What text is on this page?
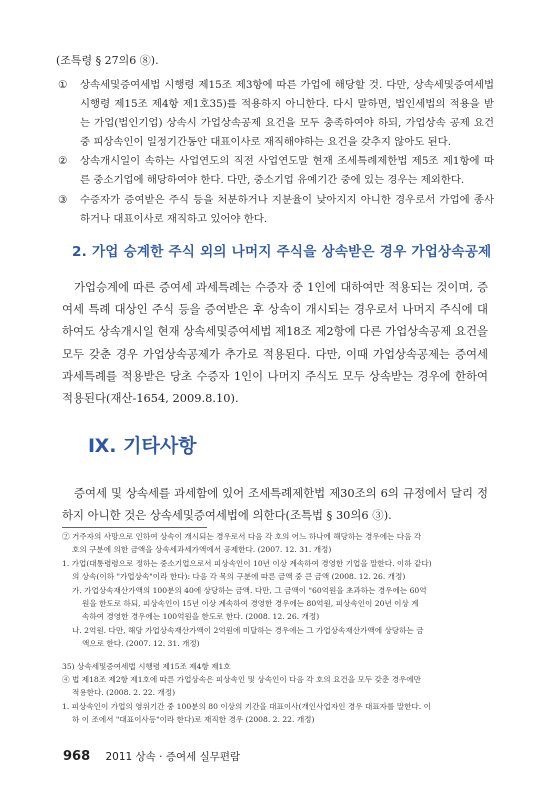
(조특령 § 27의6 ⑧).
① 상속세및증여세법 시행령 제15조 제3항에 따른 가업에 해당할 것. 다만, 상속세및증여세법 시행령 제15조 제4항 제1호35)를 적용하지 아니한다. 다시 말하면, 법인세법의 적용을 받는 가업(법인기업) 상속시 가업상속공제 요건을 모두 충족하여야 하되, 가업상속 공제 요건 중 피상속인이 일정기간동안 대표이사로 재직해야하는 요건을 갖추지 않아도 된다.
② 상속개시일이 속하는 사업연도의 직전 사업연도말 현재 조세특례제한법 제5조 제1항에 따른 중소기업에 해당하여야 한다. 다만, 중소기업 유예기간 중에 있는 경우는 제외한다.
③ 수증자가 증여받은 주식 등을 처분하거나 지분율이 낮아지지 아니한 경우로서 가업에 종사하거나 대표이사로 재직하고 있어야 한다.
2. 가업 승계한 주식 외의 나머지 주식을 상속받은 경우 가업상속공제
가업승계에 따른 증여세 과세특례는 수증자 중 1인에 대하여만 적용되는 것이며, 증여세 특례 대상인 주식 등을 증여받은 후 상속이 개시되는 경우로서 나머지 주식에 대하여도 상속개시일 현재 상속세및증여세법 제18조 제2항에 다른 가업상속공제 요건을 모두 갖춘 경우 가업상속공제가 추가로 적용된다. 다만, 이때 가업상속공제는 증여세 과세특례를 적용받은 당초 수증자 1인이 나머지 주식도 모두 상속받는 경우에 한하여 적용된다(재산-1654, 2009.8.10).
Ⅸ. 기타사항
증여세 및 상속세를 과세함에 있어 조세특례제한법 제30조의 6의 규정에서 달리 정하지 아니한 것은 상속세및증여세법에 의한다(조특법 § 30의6 ③).
② 거주자의 사망으로 인하여 상속이 개시되는 경우로서 다음 각 호의 어느 하나에 해당하는 경우에는 다음 각
호의 구분에 의한 금액을 상속세과세가액에서 공제한다. (2007. 12. 31. 개정)
1. 가업(대통령령으로 정하는 중소기업으로서 피상속인이 10년 이상 계속하여 경영한 기업을 말한다. 이하 같다)
의 상속(이하 "가업상속"이라 한다): 다음 각 목의 구분에 따른 금액 중 큰 금액 (2008. 12. 26. 개정)
가. 가업상속재산가액의 100분의 40에 상당하는 금액. 다만, 그 금액이 "60억원을 초과하는 경우에는 60억
원을 한도로 하되, 피상속인이 15년 이상 계속하여 경영한 경우에는 80억원, 피상속인이 20년 이상 계
속하여 경영한 경우에는 100억원을 한도로 한다. (2008. 12. 26. 개정)
나. 2억원. 다만, 해당 가업상속재산가액이 2억원에 미달하는 경우에는 그 가업상속재산가액에 상당하는 금
액으로 한다. (2007. 12. 31. 개정)
35) 상속세및증여세법 시행령 제15조 제4항 제1호
④ 법 제18조 제2항 제1호에 따른 가업상속은 피상속인 및 상속인이 다음 각 호의 요건을 모두 갖춘 경우에만
적용한다. (2008. 2. 22. 개정)
1. 피상속인이 가업의 영위기간 중 100분의 80 이상의 기간을 대표이사(개인사업자인 경우 대표자를 말한다. 이
하 이 조에서 "대표이사등"이라 한다)로 재직한 경우 (2008. 2. 22. 개정)
968 2011 상속 · 증여세 실무편람
